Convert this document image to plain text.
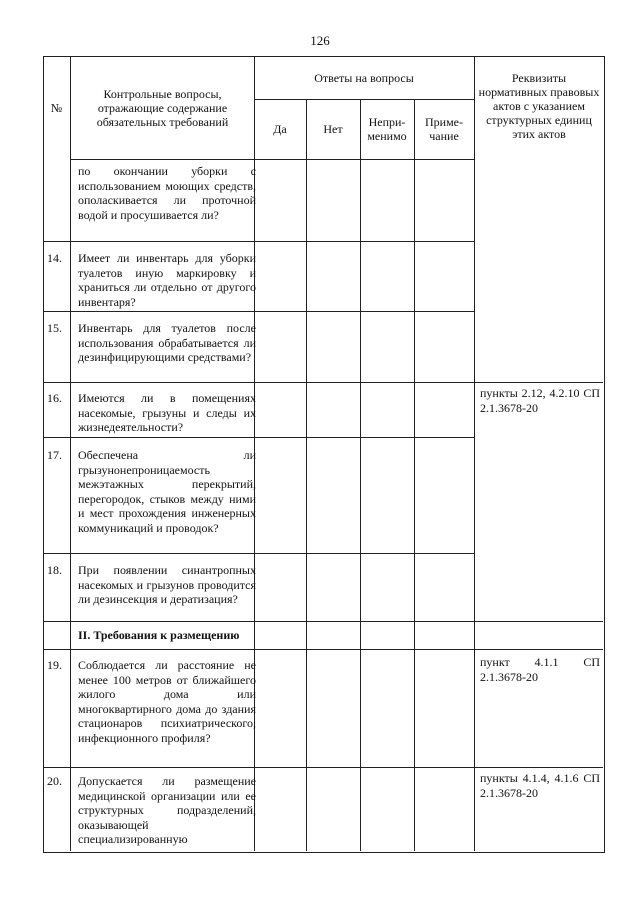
126
№
Контрольные вопросы, отражающие содержание обязательных требований
Ответы на вопросы
Да	Нет	Непри-менимо
Приме-чание
Реквизиты нормативных правовых актов с указанием структурных единиц этих актов
по окончании уборки с использованием моющих средств, ополаскивается ли проточной водой и просушивается ли?
14. Имеет ли инвентарь для уборки туалетов иную маркировку и храниться ли отдельно от другого инвентаря?
15. Инвентарь для туалетов после использования обрабатывается ли дезинфицирующими средствами?
16. Имеются ли в помещениях насекомые, грызуны и следы их жизнедеятельности?
пункты 2.12, 4.2.10 СП 2.1.3678-20
17. Обеспечена ли грызунонепроницаемость межэтажных перекрытий, перегородок, стыков между ними и мест прохождения инженерных коммуникаций и проводок?
18. При появлении синантропных насекомых и грызунов проводится ли дезинсекция и дератизация?
II. Требования к размещению
19. Соблюдается ли расстояние не менее 100 метров от ближайшего жилого дома или многоквартирного дома до здания стационаров психиатрического, инфекционного профиля?
пункт 4.1.1 СП 2.1.3678-20
20. Допускается ли размещение медицинской организации или ее структурных подразделений, оказывающей специализированную
пункты 4.1.4, 4.1.6 СП 2.1.3678-20
